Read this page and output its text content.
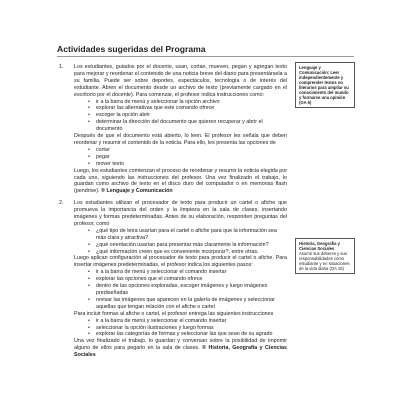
Actividades sugeridas del Programa
1. Los estudiantes, guiados por el docente, usan, cortan, mueven, pegan y agregan texto para mejorar y reordenar el contenido de una noticia breve del diario para presentársela a su familia. Puede ser sobre deportes, espectáculos, tecnología o de interés del estudiante. Abren el documento desde un archivo de texto (previamente cargado en el escritorio por el docente). Para comenzar, el profesor indica instrucciones como:

• ir a la barra de menú y seleccionar la opción archivo
• explorar las alternativas que este comando ofrece
• escoger la opción abrir
• determinar la dirección del documento que quieren recuperar y abrir el documento

Después de que el documento está abierto, lo leen. El profesor les señala que deben reordenar y resumir el contenido de la noticia. Para ello, les presenta las opciones de

• cortar
• pegar
• mover texto

Luego, los estudiantes comienzan el proceso de reordenar y resumir la noticia elegida por cada uno, siguiendo las instrucciones del profesor. Una vez finalizado el trabajo, lo guardan como archivo de texto en el disco duro del computador o en memorias flash (pendrive). ® Lenguaje y Comunicación

2. Los estudiantes utilizan el procesador de texto para producir un cartel o afiche que promueva la importancia del orden y la limpieza en la sala de clases, insertando imágenes y formas predeterminadas. Antes de su elaboración, responden preguntas del profesor, como

• ¿qué tipo de letra usarían para el cartel o afiche para que la información sea más clara y atractiva?
• ¿qué orientación usarían para presentar más claramente la información?
• ¿qué información creen que es conveniente incorporar?, entre otras.

Luego aplican configuración al procesador de texto para producir el cartel o afiche. Para insertar imágenes predeterminadas, el profesor indica los siguientes pasos:

• ir a la barra de menú y seleccionar el comando insertar
• explorar las opciones que el comando ofrece
• dentro de las opciones exploradas, escoger imágenes y luego imágenes prediseñadas
• revisar las imágenes que aparecen en la galería de imágenes y seleccionar aquellas que tengan relación con el afiche o cartel

Para incluir formas al afiche o cartel, el profesor entrega las siguientes instrucciones

• ir a la barra de menú y seleccionar el comando insertar
• seleccionar la opción ilustraciones y luego formas
• explorar las categorías de formas y seleccionar las que sean de su agrado

Una vez finalizado el trabajo, lo guardan y conversan sobre la posibilidad de imprimir alguno de ellos para pegarlo en la sala de clases. ® Historia, Geografía y Ciencias Sociales

Lenguaje y Comunicación: Leer independientemente y comprender textos no literarios para ampliar su conocimiento del mundo y formarse una opinión (OA 6)
Historia, Geografía y Ciencias Sociales
Asumir sus deberes y sus responsabilidades como estudiante y en situaciones de la vida diaria (OA 15)
